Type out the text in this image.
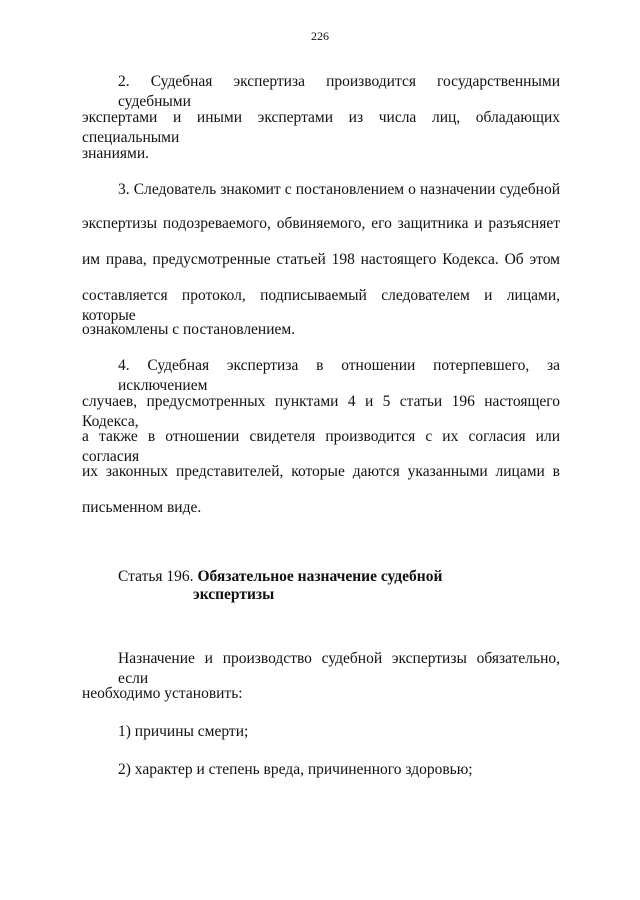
226
2. Судебная экспертиза производится государственными судебными
экспертами и иными экспертами из числа лиц, обладающих специальными
знаниями.
3. Следователь знакомит с постановлением о назначении судебной
экспертизы подозреваемого, обвиняемого, его защитника и разъясняет
им права, предусмотренные статьей 198 настоящего Кодекса. Об этом
составляется протокол, подписываемый следователем и лицами, которые
ознакомлены с постановлением.
4. Судебная экспертиза в отношении потерпевшего, за исключением
случаев, предусмотренных пунктами 4 и 5 статьи 196 настоящего Кодекса,
а также в отношении свидетеля производится с их согласия или согласия
их законных представителей, которые даются указанными лицами в
письменном виде.
Статья 196. Обязательное назначение судебной
экспертизы
Назначение и производство судебной экспертизы обязательно, если
необходимо установить:
1) причины смерти;
2) характер и степень вреда, причиненного здоровью;
